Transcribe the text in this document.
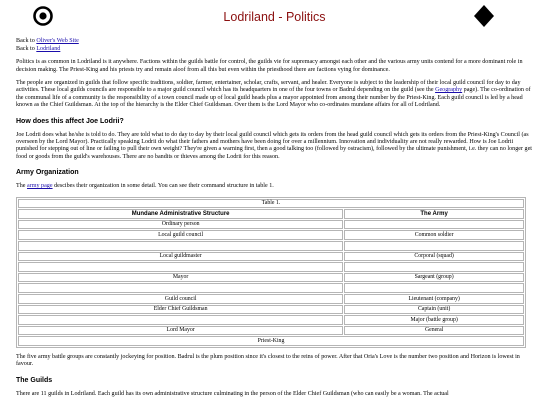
Lodriland - Politics
Back to Oliver's Web Site
Back to Lodriland

Politics is as common in Lodriland is it anywhere. Factions within the guilds battle for control, the guilds vie for supremacy amongst each other and the various army units contend for a more dominant role in decision making. The Priest-King and his priests try and remain aloof from all this but even within the priesthood there are factions vying for dominance.

The people are organized in guilds that follow specific traditions, soldier, farmer, entertainer, scholar, crafts, servant, and healer. Everyone is subject to the leadership of their local guild council for day to day activities. These local guilds councils are responsible to a major guild council which has its headquarters in one of the four towns or Badrul depending on the guild (see the Geography page). The co-ordination of the communal life of a community is the responsibility of a town council made up of local guild heads plus a mayor appointed from among their number by the Priest-King. Each guild council is led by a head known as the Chief Guildsman. At the top of the hierarchy is the Elder Chief Guildsman. Over them is the Lord Mayor who co-ordinates mundane affairs for all of Lodriland.

How does this affect Joe Lodrii?

Joe Lodrii does what he/she is told to do. They are told what to do day to day by their local guild council which gets its orders from the head guild council which gets its orders from the Priest-King's Council (as overseen by the Lord Mayor). Practically speaking Lodrii do what their fathers and mothers have been doing for over a millennium. Innovation and individuality are not really rewarded. How is Joe Lodrii punished for stepping out of line or failing to pull their own weight? They're given a warning first, then a good talking too (followed by ostracism), followed by the ultimate punishment, i.e. they can no longer get food or goods from the guild's warehouses. There are no bandits or thieves among the Lodrii for this reason.

Army Organization

The army page descibes their organization in some detail. You can see their command structure in table 1.

Table 1.	
Mundane Administrative Structure	The Army
Ordinary person	
Local guild council	Common soldier

Local guildmaster	Corporal (squad)

Mayor	Sargeant (group)

Guild council	Lieutenant (company)
Elder Chief Guildsman	Captain (unit)
	Major (battle group)
Lord Mayor	General
Priest-King	

The five army battle groups are constantly jockeying for position. Badrul is the plum position since it's closest to the reins of power. After that Oria's Love is the number two position and Horizon is lowest in favour.

The Guilds

There are 11 guilds in Lodriland. Each guild has its own administrative structure culminating in the person of the Elder Chief Guildsman (who can easily be a woman. The actual
